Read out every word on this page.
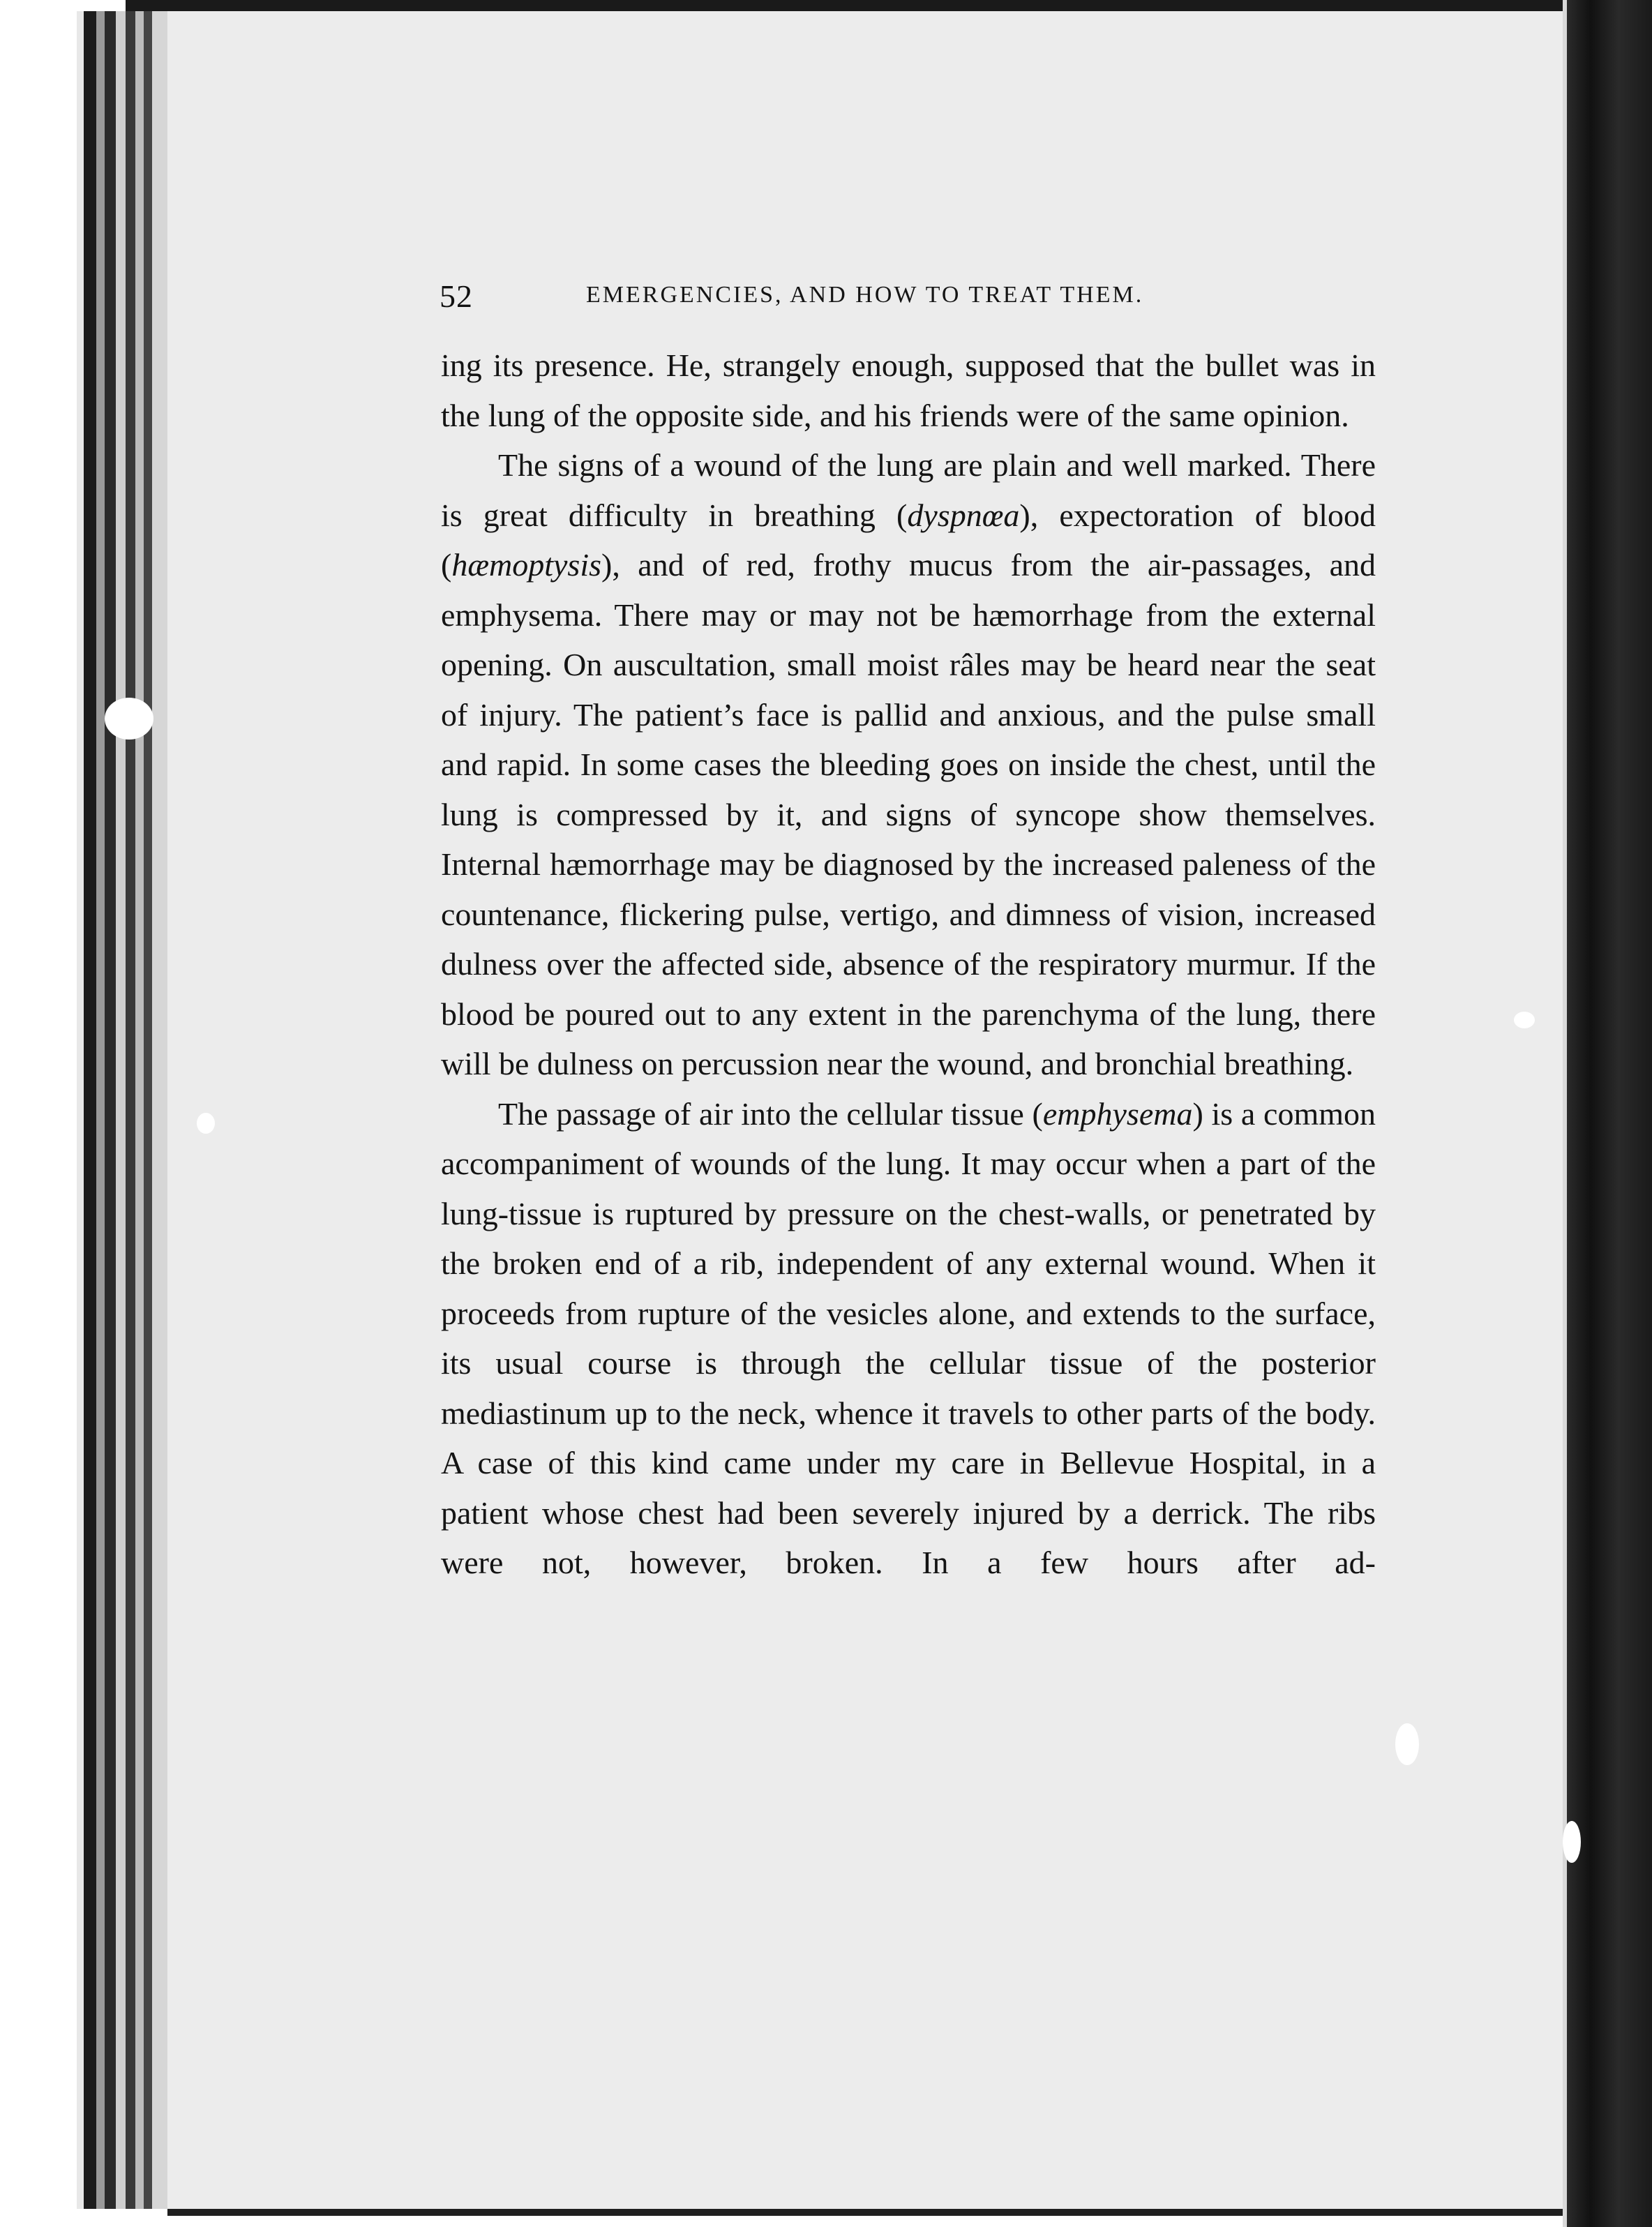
52	EMERGENCIES, AND HOW TO TREAT THEM.

ing its presence. He, strangely enough, supposed that the bullet was in the lung of the opposite side, and his friends were of the same opinion.

The signs of a wound of the lung are plain and well marked. There is great difficulty in breathing (dyspnœa), expectoration of blood (hæmoptysis), and of red, frothy mucus from the air-passages, and emphysema. There may or may not be hæmorrhage from the external opening. On auscultation, small moist râles may be heard near the seat of injury. The patient’s face is pallid and anxious, and the pulse small and rapid. In some cases the bleeding goes on inside the chest, until the lung is compressed by it, and signs of syncope show themselves. Internal hæmorrhage may be diagnosed by the increased paleness of the countenance, flickering pulse, vertigo, and dimness of vision, increased dulness over the affected side, absence of the respiratory murmur. If the blood be poured out to any extent in the parenchyma of the lung, there will be dulness on percussion near the wound, and bronchial breathing.

The passage of air into the cellular tissue (emphysema) is a common accompaniment of wounds of the lung. It may occur when a part of the lung-tissue is ruptured by pressure on the chest-walls, or penetrated by the broken end of a rib, independent of any external wound. When it proceeds from rupture of the vesicles alone, and extends to the surface, its usual course is through the cellular tissue of the posterior mediastinum up to the neck, whence it travels to other parts of the body. A case of this kind came under my care in Bellevue Hospital, in a patient whose chest had been severely injured by a derrick. The ribs were not, however, broken. In a few hours after ad-
